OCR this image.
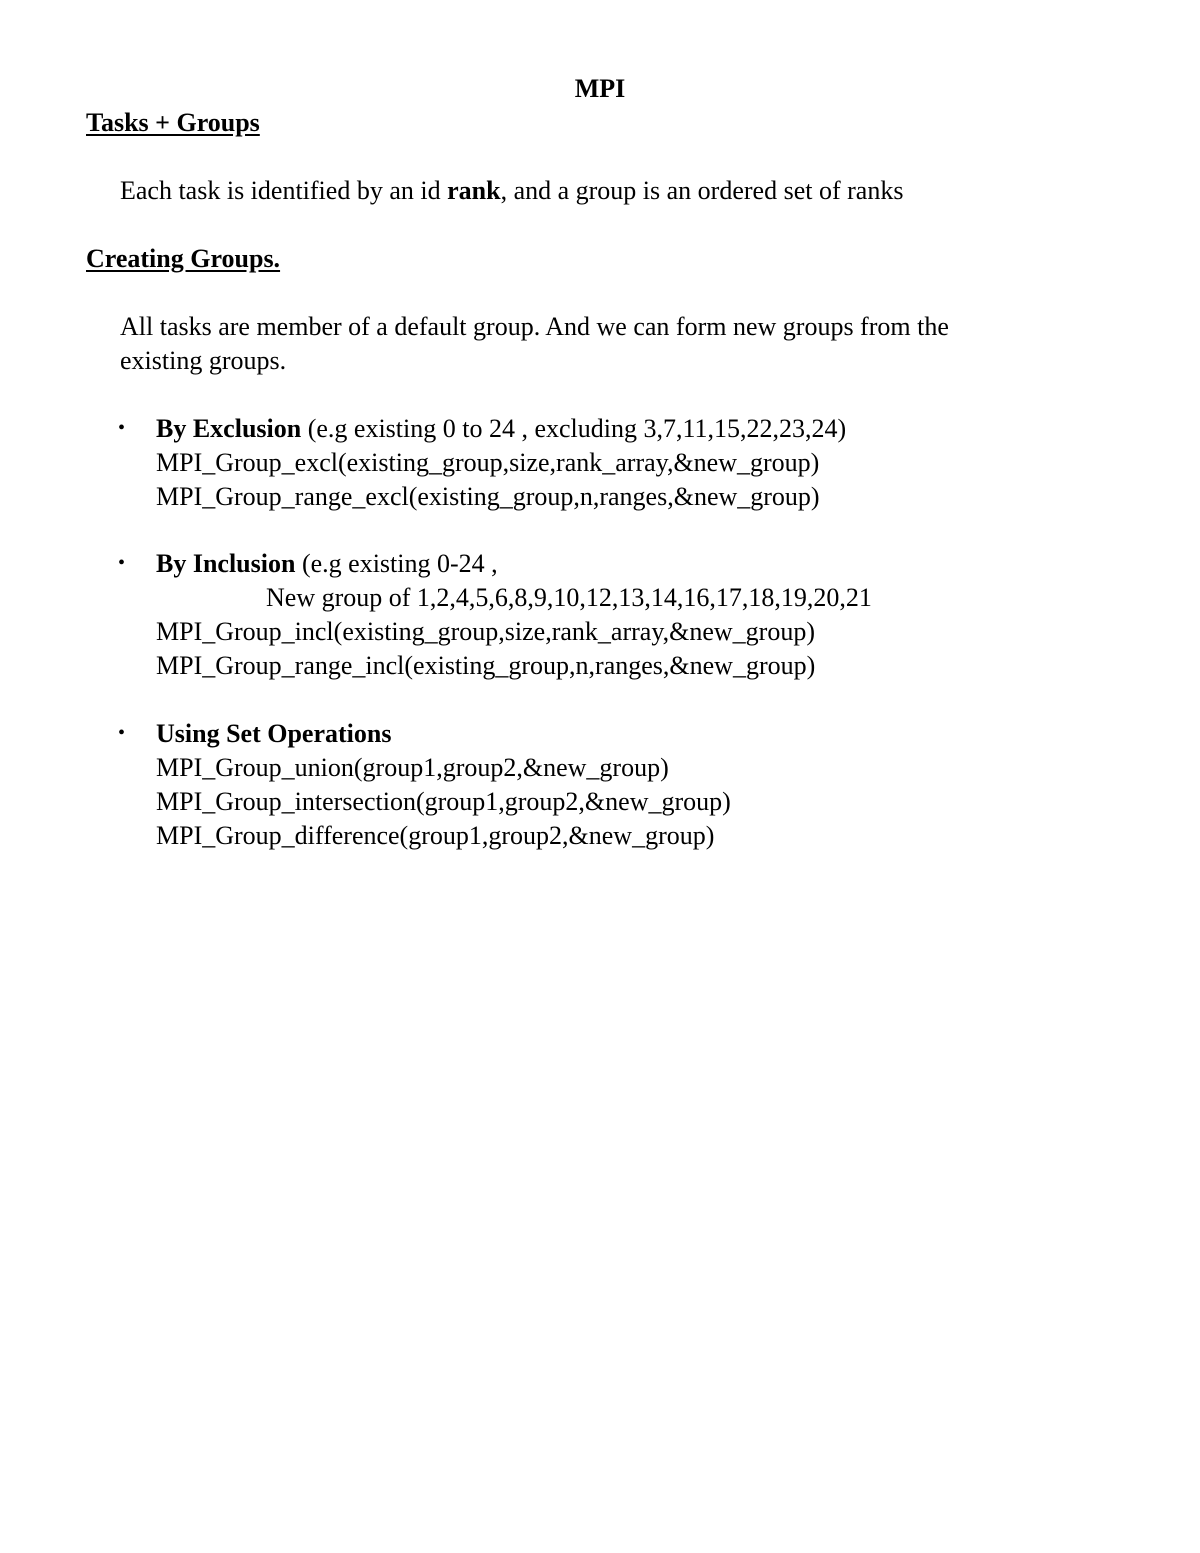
MPI
Tasks + Groups
Each task is identified by an id rank, and a group is an ordered set of ranks
Creating Groups.
All tasks are member of a default group. And we can form new groups from the
existing groups.
• By Exclusion (e.g existing 0 to 24 , excluding 3,7,11,15,22,23,24)
MPI_Group_excl(existing_group,size,rank_array,&new_group)
MPI_Group_range_excl(existing_group,n,ranges,&new_group)
• By Inclusion (e.g existing 0-24 ,
New group of 1,2,4,5,6,8,9,10,12,13,14,16,17,18,19,20,21
MPI_Group_incl(existing_group,size,rank_array,&new_group)
MPI_Group_range_incl(existing_group,n,ranges,&new_group)
• Using Set Operations
MPI_Group_union(group1,group2,&new_group)
MPI_Group_intersection(group1,group2,&new_group)
MPI_Group_difference(group1,group2,&new_group)
